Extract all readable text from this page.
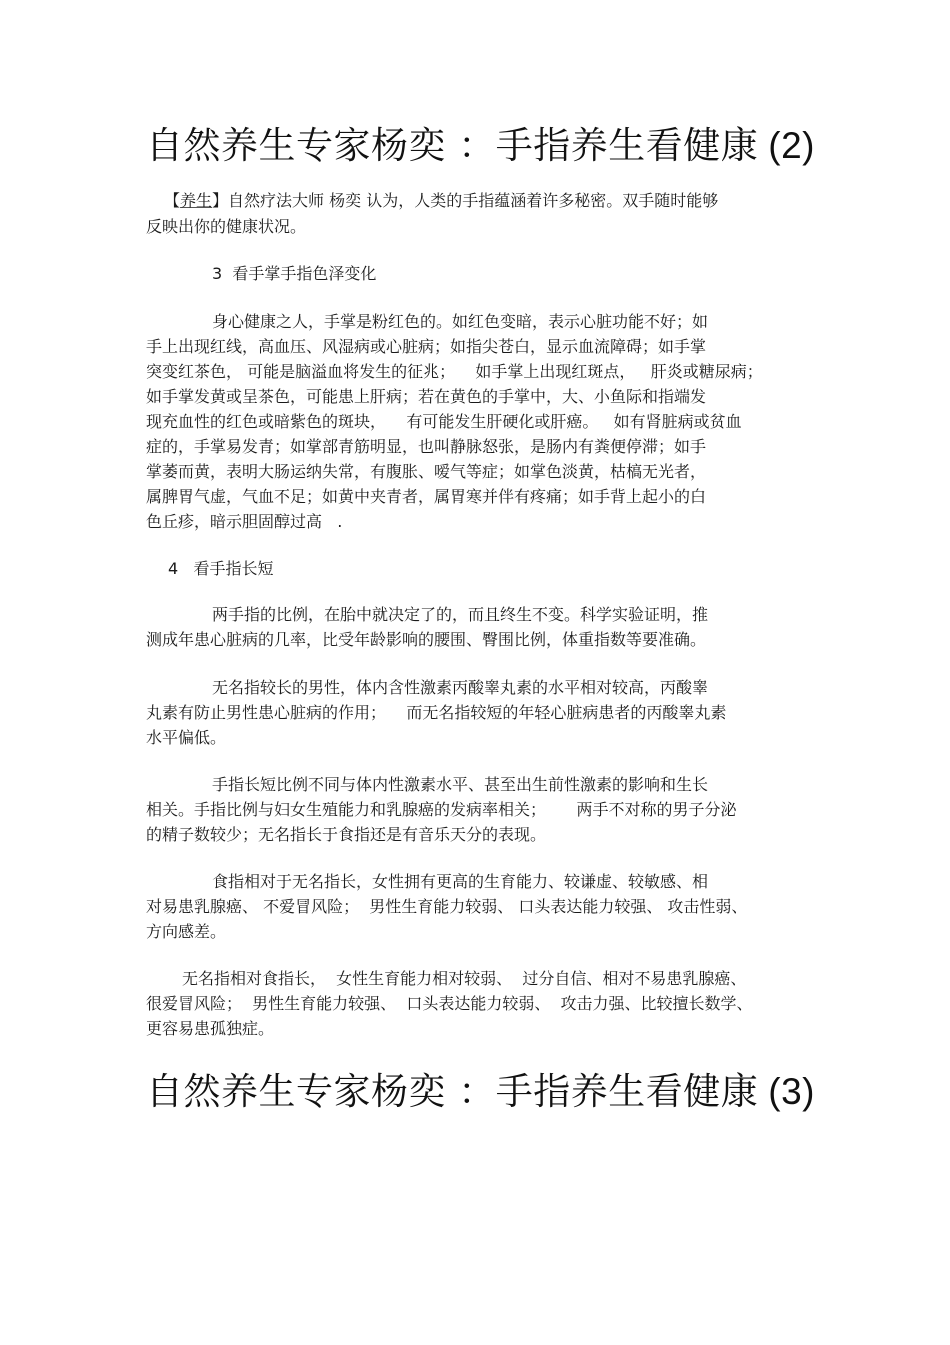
自然养生专家杨奕 ：手指养生看健康 (2)
【养生】自然疗法大师 杨奕 认为，人类的手指蕴涵着许多秘密。双手随时能够
反映出你的健康状况。
3  看手掌手指色泽变化
身心健康之人，手掌是粉红色的。如红色变暗，表示心脏功能不好；如
手上出现红线，高血压、风湿病或心脏病；如指尖苍白，显示血流障碍；如手掌
突变红茶色， 可能是脑溢血将发生的征兆；    如手掌上出现红斑点，   肝炎或糖尿病；
如手掌发黄或呈茶色，可能患上肝病；若在黄色的手掌中，大、小鱼际和指端发
现充血性的红色或暗紫色的斑块，    有可能发生肝硬化或肝癌。   如有肾脏病或贫血
症的，手掌易发青；如掌部青筋明显，也叫静脉怒张，是肠内有粪便停滞；如手
掌萎而黄，表明大肠运纳失常，有腹胀、嗳气等症；如掌色淡黄，枯槁无光者，
属脾胃气虚，气血不足；如黄中夹青者，属胃寒并伴有疼痛；如手背上起小的白
色丘疹，暗示胆固醇过高   .
4   看手指长短
两手指的比例，在胎中就决定了的，而且终生不变。科学实验证明，推
测成年患心脏病的几率，比受年龄影响的腰围、臀围比例，体重指数等要准确。
无名指较长的男性，体内含性激素丙酸睾丸素的水平相对较高，丙酸睾
丸素有防止男性患心脏病的作用；    而无名指较短的年轻心脏病患者的丙酸睾丸素
水平偏低。
手指长短比例不同与体内性激素水平、甚至出生前性激素的影响和生长
相关。手指比例与妇女生殖能力和乳腺癌的发病率相关；      两手不对称的男子分泌
的精子数较少；无名指长于食指还是有音乐天分的表现。
食指相对于无名指长，女性拥有更高的生育能力、较谦虚、较敏感、相
对易患乳腺癌、 不爱冒风险；  男性生育能力较弱、 口头表达能力较强、 攻击性弱、
方向感差。
无名指相对食指长，  女性生育能力相对较弱、  过分自信、相对不易患乳腺癌、
很爱冒风险；  男性生育能力较强、  口头表达能力较弱、  攻击力强、比较擅长数学、
更容易患孤独症。
自然养生专家杨奕 ：手指养生看健康 (3)
